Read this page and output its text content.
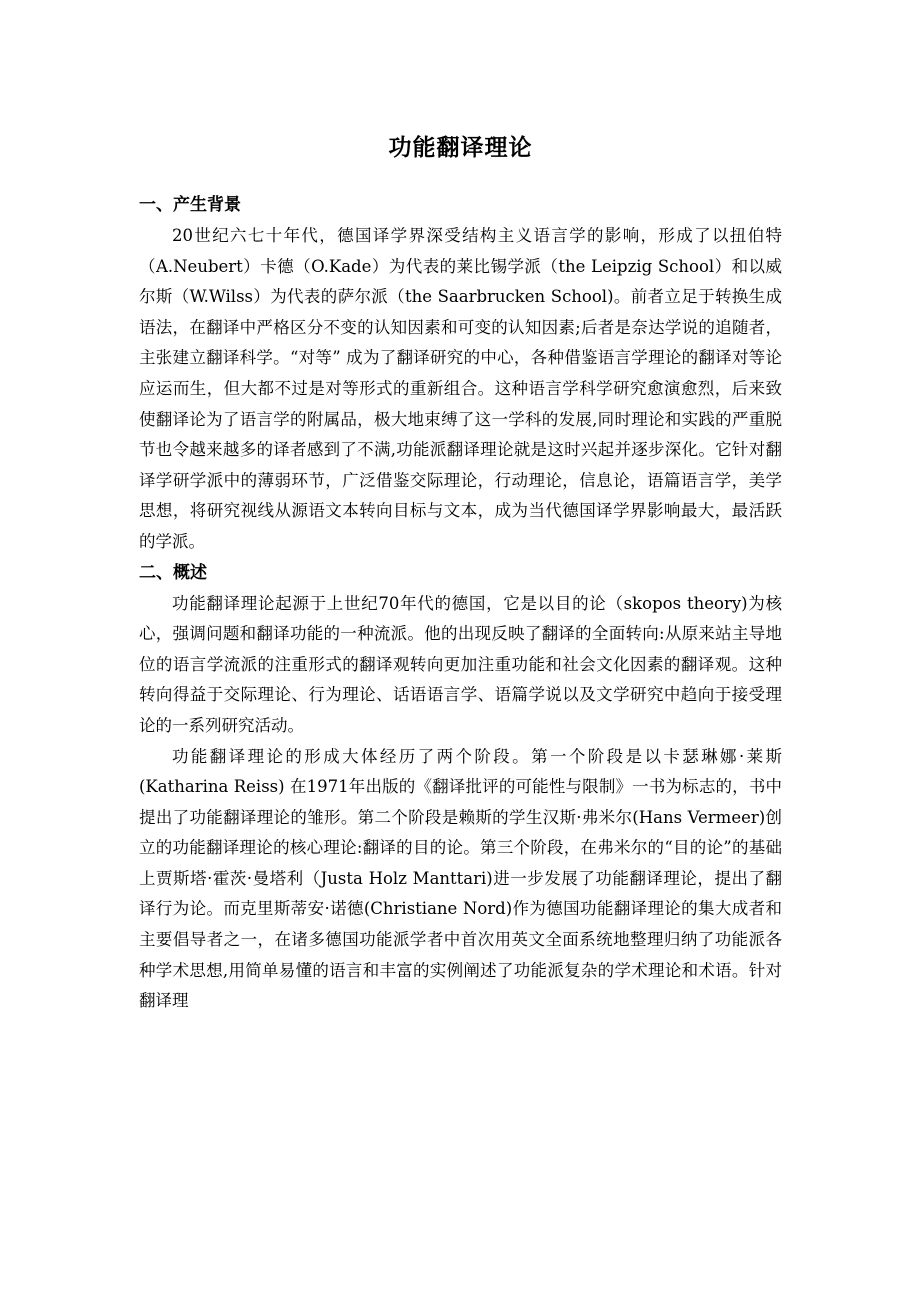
功能翻译理论
一、产生背景

20世纪六七十年代，德国译学界深受结构主义语言学的影响，形成了以扭伯特（A.Neubert）卡德（O.Kade）为代表的莱比锡学派（the Leipzig School）和以威尔斯（W.Wilss）为代表的萨尔派（the Saarbrucken School)。前者立足于转换生成语法，在翻译中严格区分不变的认知因素和可变的认知因素;后者是奈达学说的追随者，主张建立翻译科学。“对等” 成为了翻译研究的中心，各种借鉴语言学理论的翻译对等论应运而生，但大都不过是对等形式的重新组合。这种语言学科学研究愈演愈烈，后来致使翻译论为了语言学的附属品，极大地束缚了这一学科的发展,同时理论和实践的严重脱节也令越来越多的译者感到了不满,功能派翻译理论就是这时兴起并逐步深化。它针对翻译学研学派中的薄弱环节，广泛借鉴交际理论，行动理论，信息论，语篇语言学，美学思想，将研究视线从源语文本转向目标与文本，成为当代德国译学界影响最大，最活跃的学派。

二、概述

功能翻译理论起源于上世纪70年代的德国，它是以目的论（skopos theory)为核心，强调问题和翻译功能的一种流派。他的出现反映了翻译的全面转向:从原来站主导地位的语言学流派的注重形式的翻译观转向更加注重功能和社会文化因素的翻译观。这种转向得益于交际理论、行为理论、话语语言学、语篇学说以及文学研究中趋向于接受理论的一系列研究活动。

功能翻译理论的形成大体经历了两个阶段。第一个阶段是以卡瑟琳娜·莱斯(Katharina Reiss) 在1971年出版的《翻译批评的可能性与限制》一书为标志的，书中提出了功能翻译理论的雏形。第二个阶段是赖斯的学生汉斯·弗米尔(Hans Vermeer)创立的功能翻译理论的核心理论:翻译的目的论。第三个阶段，在弗米尔的“目的论”的基础上贾斯塔·霍茨·曼塔利（Justa Holz Manttari)进一步发展了功能翻译理论，提出了翻译行为论。而克里斯蒂安·诺德(Christiane Nord)作为德国功能翻译理论的集大成者和主要倡导者之一，在诸多德国功能派学者中首次用英文全面系统地整理归纳了功能派各种学术思想,用简单易懂的语言和丰富的实例阐述了功能派复杂的学术理论和术语。针对翻译理
